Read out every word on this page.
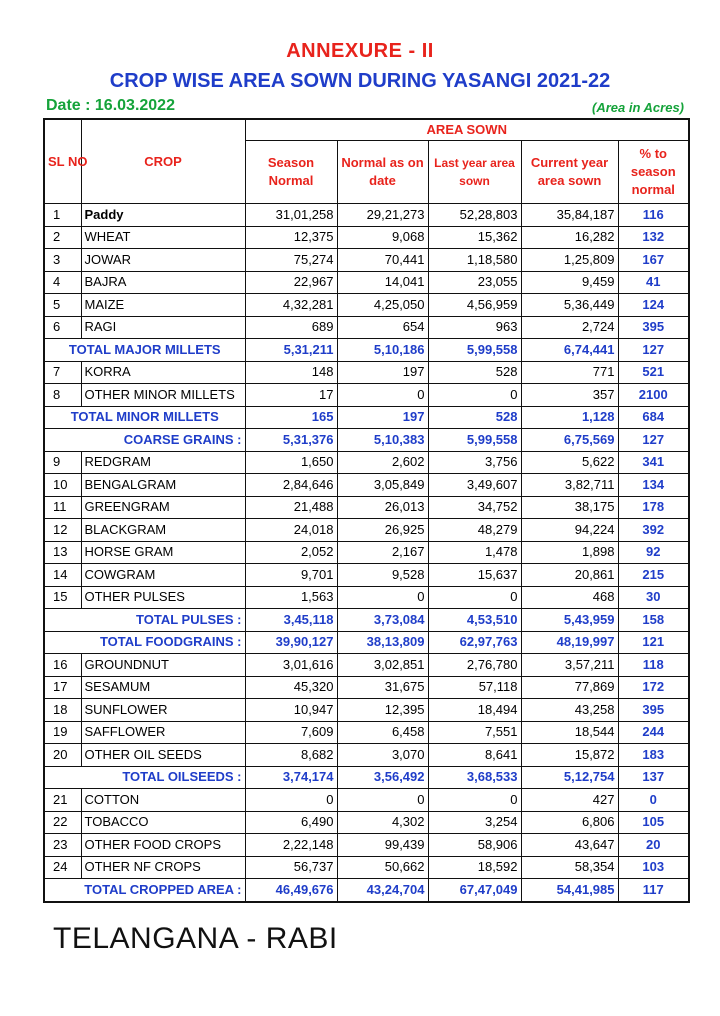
ANNEXURE - II
CROP WISE AREA SOWN DURING YASANGI 2021-22
Date : 16.03.2022	(Area in Acres)
SL NO	CROP	AREA SOWN				
		Season Normal	Normal as on date	Last year area sown	Current year area sown	% to season normal
1	Paddy	31,01,258	29,21,273	52,28,803	35,84,187	116
2	WHEAT	12,375	9,068	15,362	16,282	132
3	JOWAR	75,274	70,441	1,18,580	1,25,809	167
4	BAJRA	22,967	14,041	23,055	9,459	41
5	MAIZE	4,32,281	4,25,050	4,56,959	5,36,449	124
6	RAGI	689	654	963	2,724	395
TOTAL MAJOR MILLETS		5,31,211	5,10,186	5,99,558	6,74,441	127
7	KORRA	148	197	528	771	521
8	OTHER MINOR MILLETS	17	0	0	357	2100
TOTAL MINOR MILLETS		165	197	528	1,128	684
COARSE GRAINS :		5,31,376	5,10,383	5,99,558	6,75,569	127
9	REDGRAM	1,650	2,602	3,756	5,622	341
10	BENGALGRAM	2,84,646	3,05,849	3,49,607	3,82,711	134
11	GREENGRAM	21,488	26,013	34,752	38,175	178
12	BLACKGRAM	24,018	26,925	48,279	94,224	392
13	HORSE GRAM	2,052	2,167	1,478	1,898	92
14	COWGRAM	9,701	9,528	15,637	20,861	215
15	OTHER PULSES	1,563	0	0	468	30
TOTAL PULSES :		3,45,118	3,73,084	4,53,510	5,43,959	158
TOTAL FOODGRAINS :		39,90,127	38,13,809	62,97,763	48,19,997	121
16	GROUNDNUT	3,01,616	3,02,851	2,76,780	3,57,211	118
17	SESAMUM	45,320	31,675	57,118	77,869	172
18	SUNFLOWER	10,947	12,395	18,494	43,258	395
19	SAFFLOWER	7,609	6,458	7,551	18,544	244
20	OTHER OIL SEEDS	8,682	3,070	8,641	15,872	183
TOTAL OILSEEDS :		3,74,174	3,56,492	3,68,533	5,12,754	137
21	COTTON	0	0	0	427	0
22	TOBACCO	6,490	4,302	3,254	6,806	105
23	OTHER FOOD CROPS	2,22,148	99,439	58,906	43,647	20
24	OTHER NF CROPS	56,737	50,662	18,592	58,354	103
TOTAL CROPPED AREA :		46,49,676	43,24,704	67,47,049	54,41,985	117
TELANGANA - RABI
